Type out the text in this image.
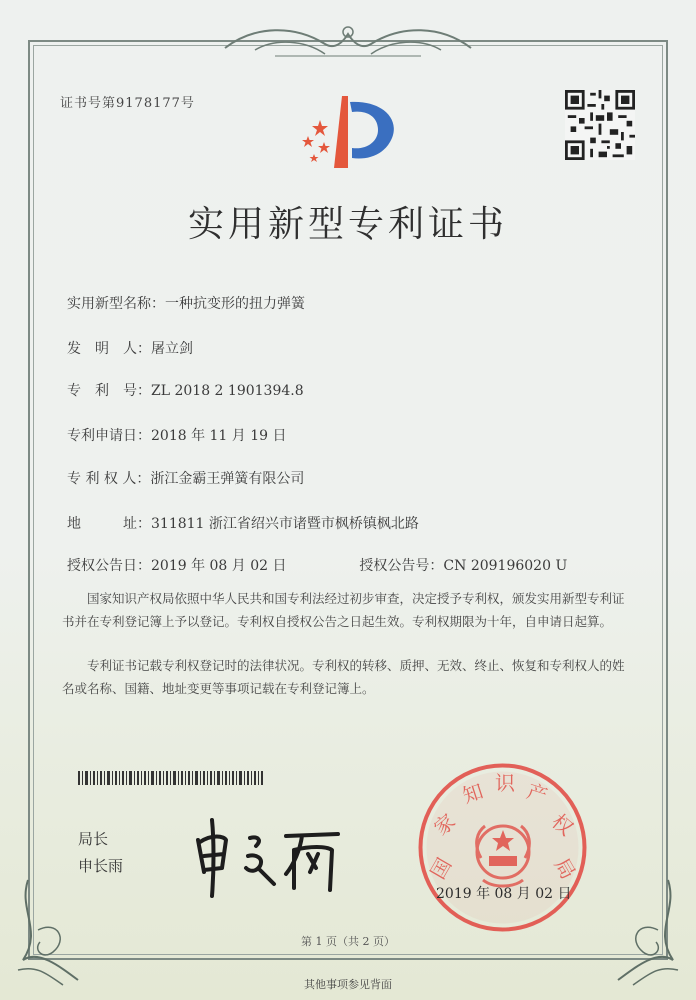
证书号第9178177号
实用新型专利证书
实用新型名称：一种抗变形的扭力弹簧
发　明　人：屠立剑
专　利　号：ZL 2018 2 1901394.8
专利申请日：2018 年 11 月 19 日
专 利 权 人：浙江金霸王弹簧有限公司
地　　　址：311811 浙江省绍兴市诸暨市枫桥镇枫北路
授权公告日：2019 年 08 月 02 日	授权公告号：CN 209196020 U
国家知识产权局依照中华人民共和国专利法经过初步审查，决定授予专利权，颁发实用新型专利证书并在专利登记簿上予以登记。专利权自授权公告之日起生效。专利权期限为十年，自申请日起算。
专利证书记载专利权登记时的法律状况。专利权的转移、质押、无效、终止、恢复和专利权人的姓名或名称、国籍、地址变更等事项记载在专利登记簿上。
局长
申长雨	国
家
知 识 产
权
局
2019 年 08 月 02 日
第 1 页（共 2 页）
其他事项参见背面
